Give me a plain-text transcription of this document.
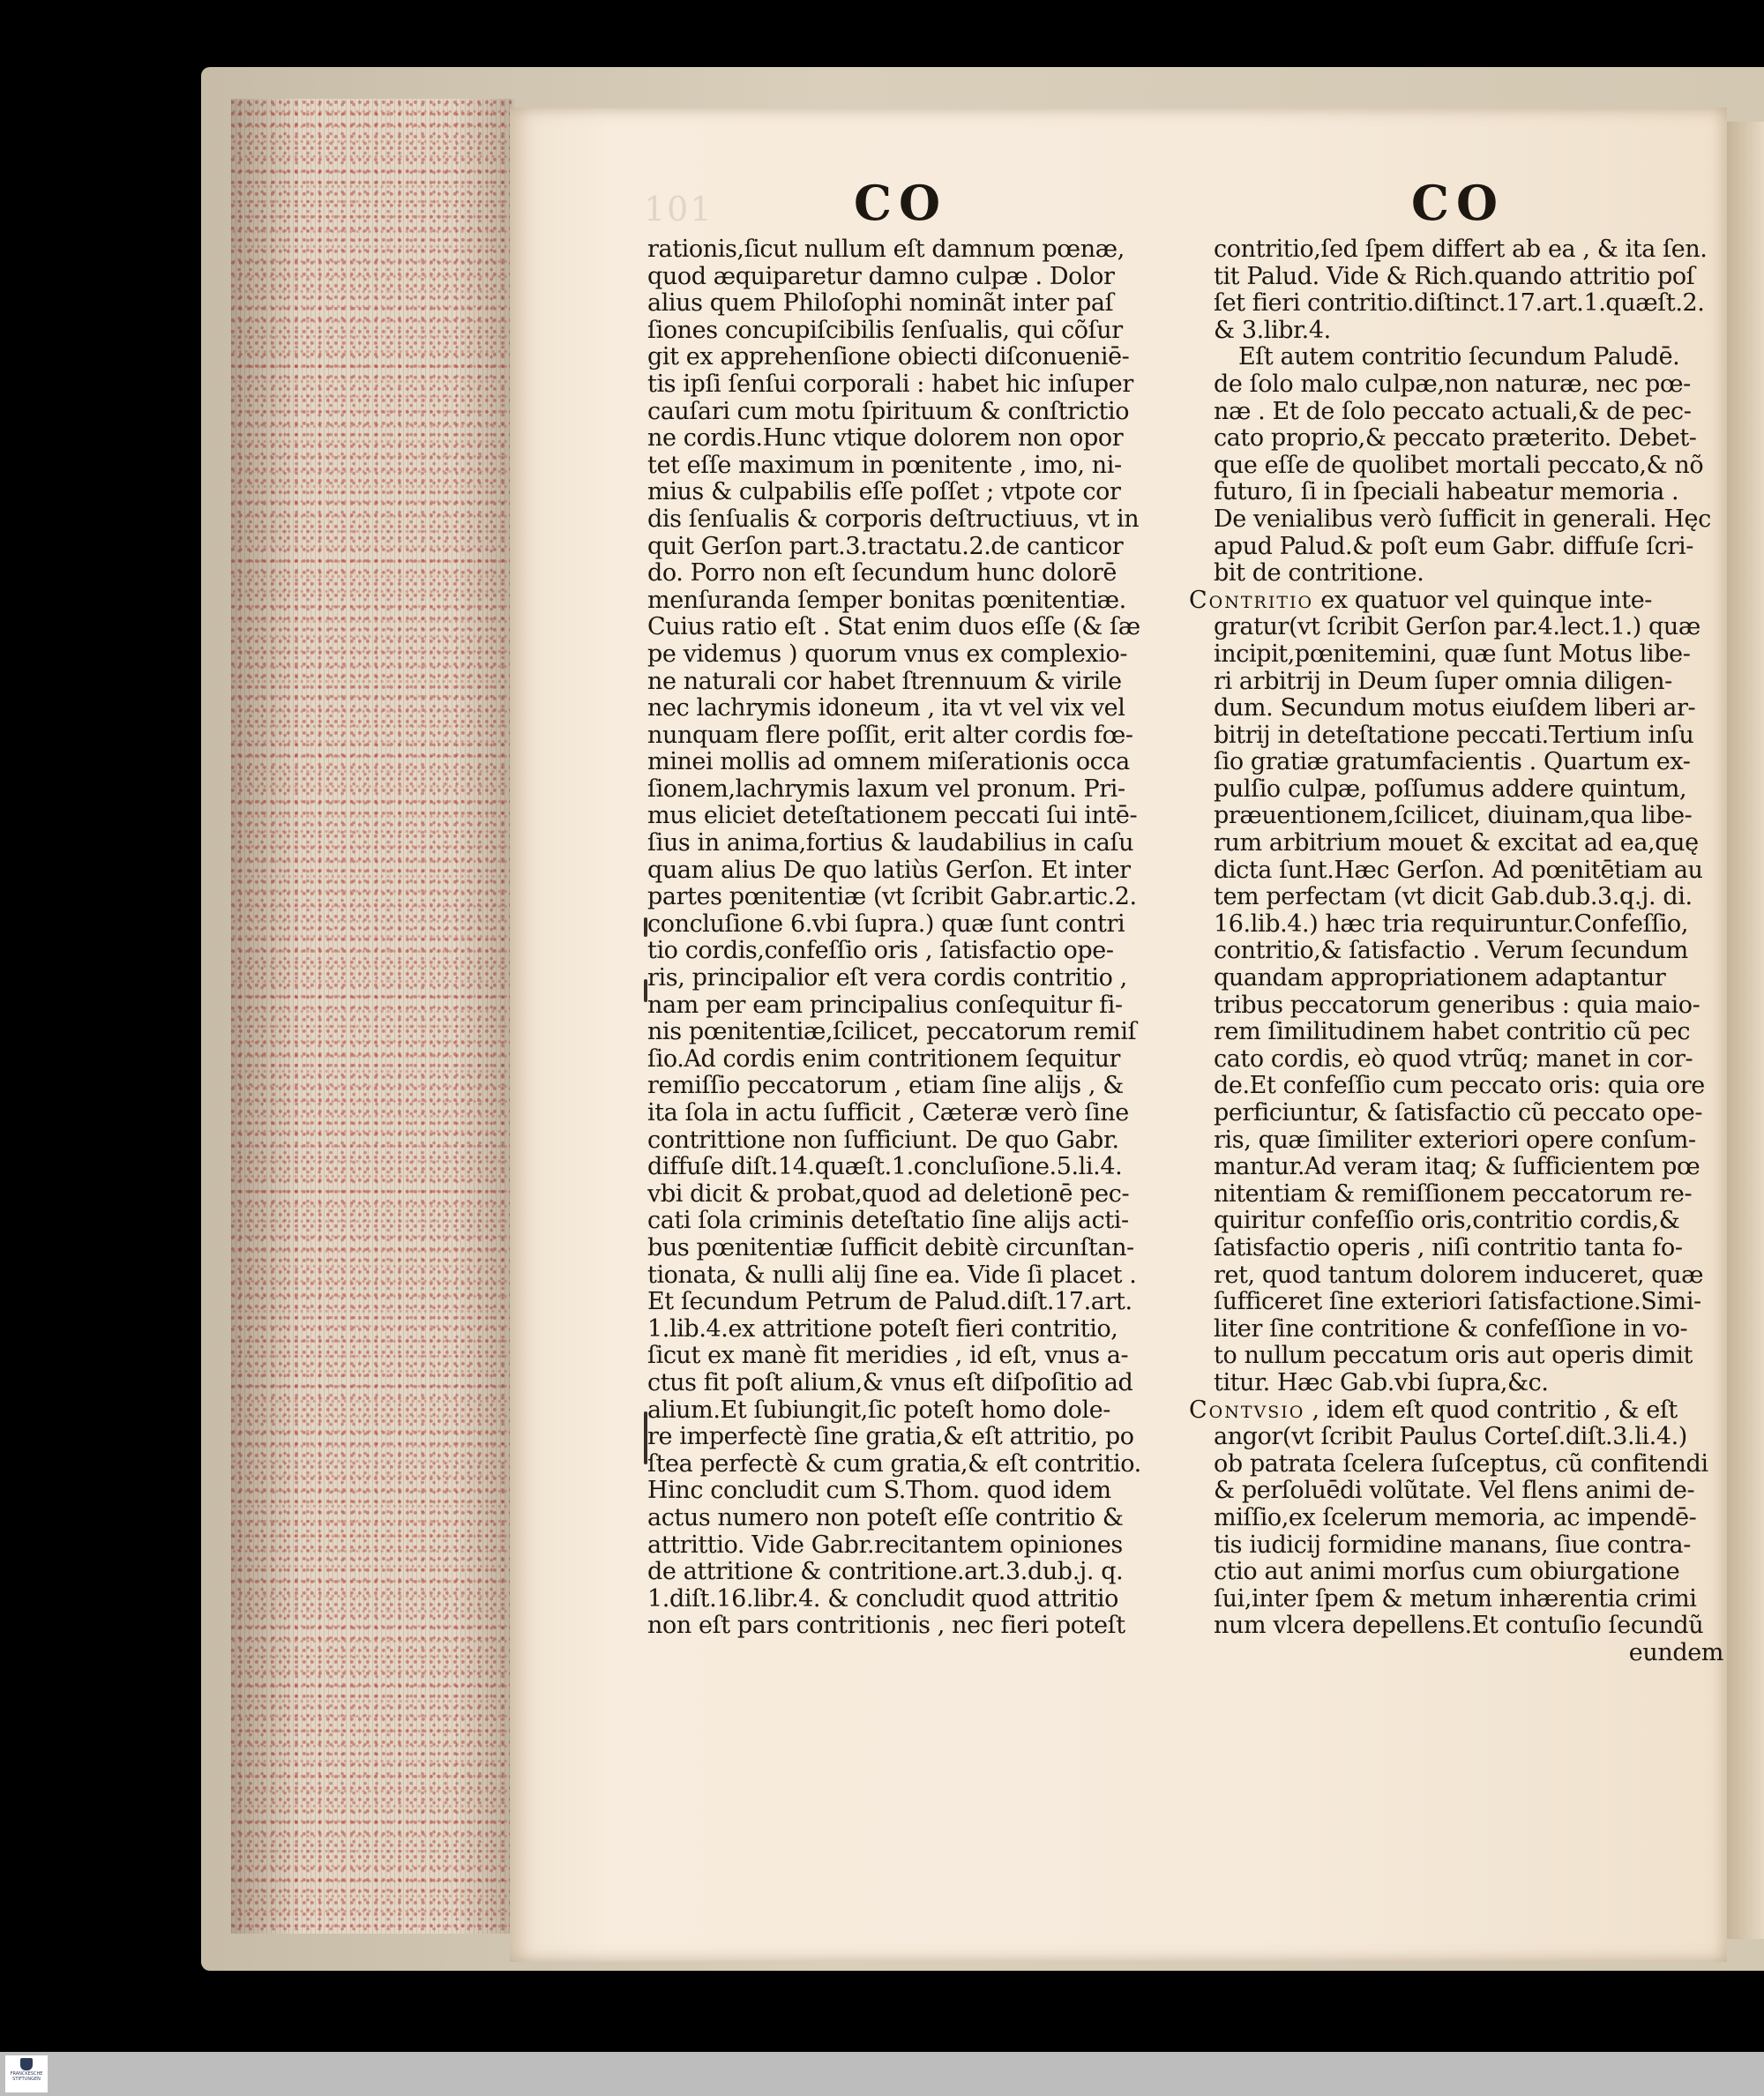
101	CO	CO
rationis,ſicut nullum eſt damnum pœnæ,
quod æquiparetur damno culpæ . Dolor
alius quem Philoſophi nominãt inter paſ
ſiones concupiſcibilis ſenſualis, qui cõſur
git ex apprehenſione obiecti diſconueniē-
tis ipſi ſenſui corporali : habet hic inſuper
cauſari cum motu ſpirituum & conſtrictio
ne cordis.Hunc vtique dolorem non opor
tet eſſe maximum in pœnitente , imo, ni-
mius & culpabilis eſſe poſſet ; vtpote cor
dis ſenſualis & corporis deſtructiuus, vt in
quit Gerſon part.3.tractatu.2.de canticor
do. Porro non eſt ſecundum hunc dolorē
menſuranda ſemper bonitas pœnitentiæ.
Cuius ratio eſt . Stat enim duos eſſe (& ſæ
pe videmus ) quorum vnus ex complexio-
ne naturali cor habet ſtrennuum & virile
nec lachrymis idoneum , ita vt vel vix vel
nunquam flere poſſit, erit alter cordis fœ-
minei mollis ad omnem miſerationis occa
ſionem,lachrymis laxum vel pronum. Pri-
mus eliciet deteſtationem peccati ſui intē-
ſius in anima,fortius & laudabilius in caſu
quam alius De quo latiùs Gerſon. Et inter
partes pœnitentiæ (vt ſcribit Gabr.artic.2.
concluſione 6.vbi ſupra.) quæ ſunt contri
tio cordis,confeſſio oris , ſatisfactio ope-
ris, principalior eſt vera cordis contritio ,
nam per eam principalius conſequitur fi-
nis pœnitentiæ,ſcilicet, peccatorum remiſ
ſio.Ad cordis enim contritionem ſequitur
remiſſio peccatorum , etiam ſine alijs , &
ita ſola in actu ſufficit , Cæteræ verò ſine
contrittione non ſufficiunt. De quo Gabr.
diffuſe diſt.14.quæſt.1.concluſione.5.li.4.
vbi dicit & probat,quod ad deletionē pec-
cati ſola criminis deteſtatio ſine alijs acti-
bus pœnitentiæ ſufficit debitè circunſtan-
tionata, & nulli alij ſine ea. Vide ſi placet .
Et ſecundum Petrum de Palud.diſt.17.art.
1.lib.4.ex attritione poteſt fieri contritio,
ſicut ex manè fit meridies , id eſt, vnus a-
ctus fit poſt alium,& vnus eſt diſpoſitio ad
alium.Et ſubiungit,ſic poteſt homo dole-
re imperfectè ſine gratia,& eſt attritio, po
ſtea perfectè & cum gratia,& eſt contritio.
Hinc concludit cum S.Thom. quod idem
actus numero non poteſt eſſe contritio &
attrittio. Vide Gabr.recitantem opiniones
de attritione & contritione.art.3.dub.j. q.
1.diſt.16.libr.4. & concludit quod attritio
non eſt pars contritionis , nec fieri poteſt
contritio,ſed ſpem differt ab ea , & ita ſen.
tit Palud. Vide & Rich.quando attritio poſ
ſet fieri contritio.diſtinct.17.art.1.quæſt.2.
& 3.libr.4.
Eſt autem contritio ſecundum Paludē.
de ſolo malo culpæ,non naturæ, nec pœ-
næ . Et de ſolo peccato actuali,& de pec-
cato proprio,& peccato præterito. Debet-
que eſſe de quolibet mortali peccato,& nõ
futuro, ſi in ſpeciali habeatur memoria .
De venialibus verò ſufficit in generali. Hęc
apud Palud.& poſt eum Gabr. diffuſe ſcri-
bit de contritione.
Contritio ex quatuor vel quinque inte-
gratur(vt ſcribit Gerſon par.4.lect.1.) quæ
incipit,pœnitemini, quæ ſunt Motus libe-
ri arbitrij in Deum ſuper omnia diligen-
dum. Secundum motus eiuſdem liberi ar-
bitrij in deteſtatione peccati.Tertium inſu
ſio gratiæ gratumfacientis . Quartum ex-
pulſio culpæ, poſſumus addere quintum,
præuentionem,ſcilicet, diuinam,qua libe-
rum arbitrium mouet & excitat ad ea,quę
dicta ſunt.Hæc Gerſon. Ad pœnitētiam au
tem perfectam (vt dicit Gab.dub.3.q.j. di.
16.lib.4.) hæc tria requiruntur.Confeſſio,
contritio,& ſatisfactio . Verum ſecundum
quandam appropriationem adaptantur
tribus peccatorum generibus : quia maio-
rem ſimilitudinem habet contritio cũ pec
cato cordis, eò quod vtrũq; manet in cor-
de.Et confeſſio cum peccato oris: quia ore
perficiuntur, & ſatisfactio cũ peccato ope-
ris, quæ ſimiliter exteriori opere conſum-
mantur.Ad veram itaq; & ſufficientem pœ
nitentiam & remiſſionem peccatorum re-
quiritur confeſſio oris,contritio cordis,&
ſatisfactio operis , niſi contritio tanta fo-
ret, quod tantum dolorem induceret, quæ
ſufficeret ſine exteriori ſatisfactione.Simi-
liter ſine contritione & confeſſione in vo-
to nullum peccatum oris aut operis dimit
titur. Hæc Gab.vbi ſupra,&c.
Contvsio , idem eſt quod contritio , & eſt
angor(vt ſcribit Paulus Corteſ.diſt.3.li.4.)
ob patrata ſcelera ſuſceptus, cũ confitendi
& perſoluēdi volũtate. Vel flens animi de-
miſſio,ex ſcelerum memoria, ac impendē-
tis iudicij formidine manans, ſiue contra-
ctio aut animi morſus cum obiurgatione
ſui,inter ſpem & metum inhærentia crimi
num vlcera depellens.Et contuſio ſecundũ
eundem
FRANCKESCHE
STIFTUNGEN
